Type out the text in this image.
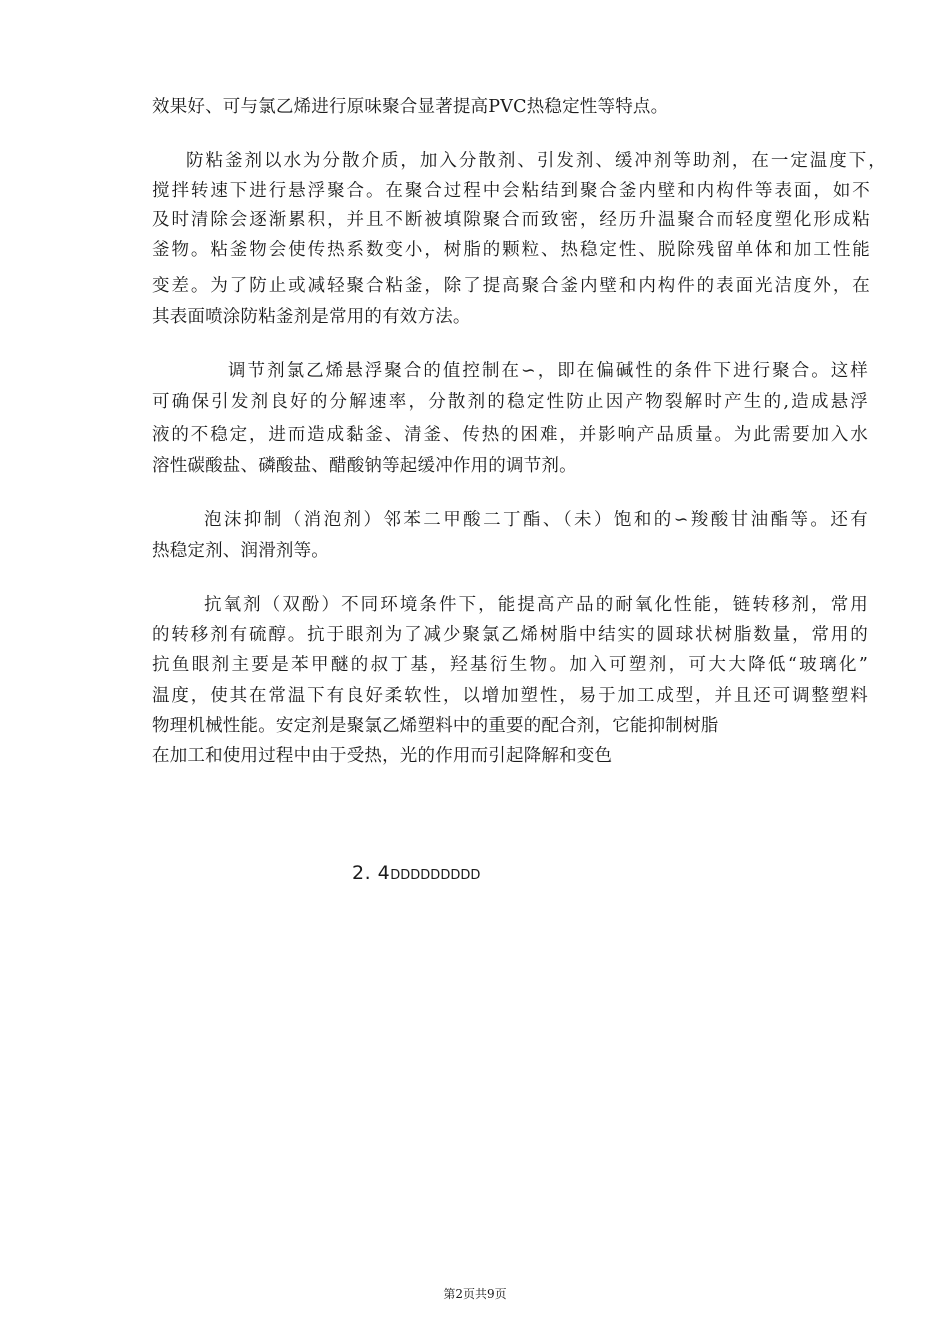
效果好、可与氯乙烯进行原味聚合显著提高PVC热稳定性等特点。
防粘釜剂以水为分散介质，加入分散剂、引发剂、缓冲剂等助剂，在一定温度下，
搅拌转速下进行悬浮聚合。在聚合过程中会粘结到聚合釜内壁和内构件等表面，如不
及时清除会逐渐累积，并且不断被填隙聚合而致密，经历升温聚合而轻度塑化形成粘
釜物。粘釜物会使传热系数变小，树脂的颗粒、热稳定性、脱除残留单体和加工性能
变差。为了防止或减轻聚合粘釜，除了提高聚合釜内壁和内构件的表面光洁度外，在
其表面喷涂防粘釜剂是常用的有效方法。
调节剂氯乙烯悬浮聚合的值控制在∽，即在偏碱性的条件下进行聚合。这样
可确保引发剂良好的分解速率，分散剂的稳定性防止因产物裂解时产生的,造成悬浮
液的不稳定，进而造成黏釜、清釜、传热的困难，并影响产品质量。为此需要加入水
溶性碳酸盐、磷酸盐、醋酸钠等起缓冲作用的调节剂。
泡沫抑制（消泡剂）邻苯二甲酸二丁酯、（未）饱和的∽羧酸甘油酯等。还有
热稳定剂、润滑剂等。
抗氧剂（双酚）不同环境条件下，能提高产品的耐氧化性能，链转移剂，常用
的转移剂有硫醇。抗于眼剂为了减少聚氯乙烯树脂中结实的圆球状树脂数量，常用的
抗鱼眼剂主要是苯甲醚的叔丁基，羟基衍生物。加入可塑剂，可大大降低“玻璃化”
温度，使其在常温下有良好柔软性，以增加塑性，易于加工成型，并且还可调整塑料
物理机械性能。安定剂是聚氯乙烯塑料中的重要的配合剂，它能抑制树脂
在加工和使用过程中由于受热，光的作用而引起降解和变色
2. 4DDDDDDDDD
第2页共9页
